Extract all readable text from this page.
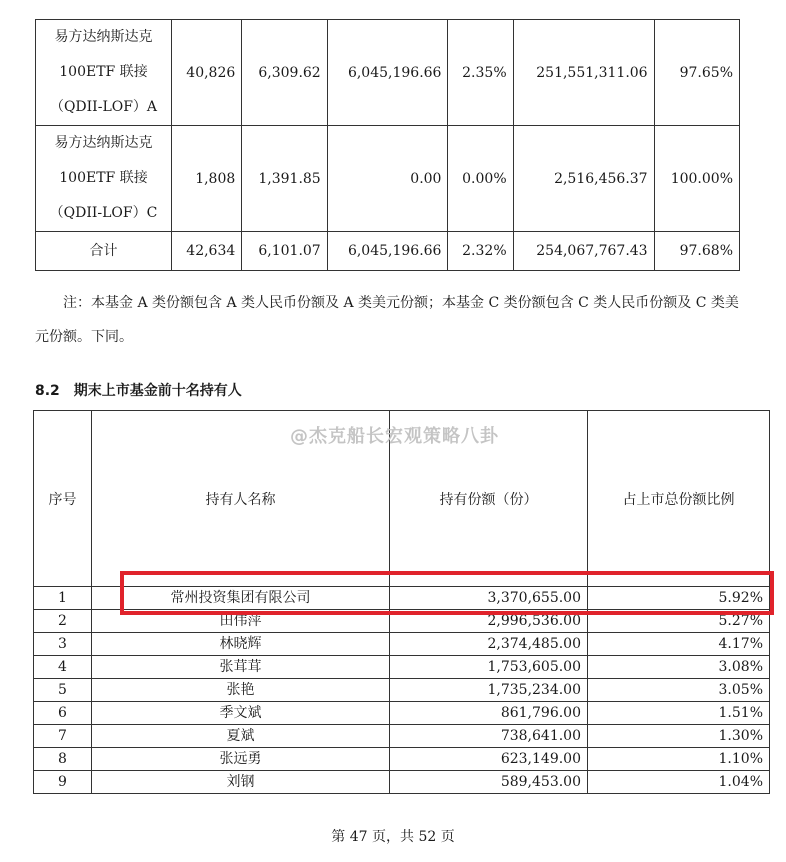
易方达纳斯达克
100ETF 联接
（QDII-LOF）A	40,826	6,309.62	6,045,196.66	2.35%	251,551,311.06	97.65%

易方达纳斯达克
100ETF 联接
（QDII-LOF）C	1,808	1,391.85	0.00	0.00%	2,516,456.37	100.00%
合计	42,634	6,101.07	6,045,196.66	2.32%	254,067,767.43	97.68%
注：本基金 A 类份额包含 A 类人民币份额及 A 类美元份额；本基金 C 类份额包含 C 类人民币份额及 C 类美元份额。下同。
8.2　期末上市基金前十名持有人
序号	持有人名称	持有份额（份）	占上市总份额比例
1	常州投资集团有限公司	3,370,655.00	5.92%
2	田伟萍	2,996,536.00	5.27%
3	林晓辉	2,374,485.00	4.17%
4	张茸茸	1,753,605.00	3.08%
5	张艳	1,735,234.00	3.05%
6	季文斌	861,796.00	1.51%
7	夏斌	738,641.00	1.30%
8	张远勇	623,149.00	1.10%
9	刘钢	589,453.00	1.04%
@杰克船长宏观策略八卦
第 47 页，共 52 页
